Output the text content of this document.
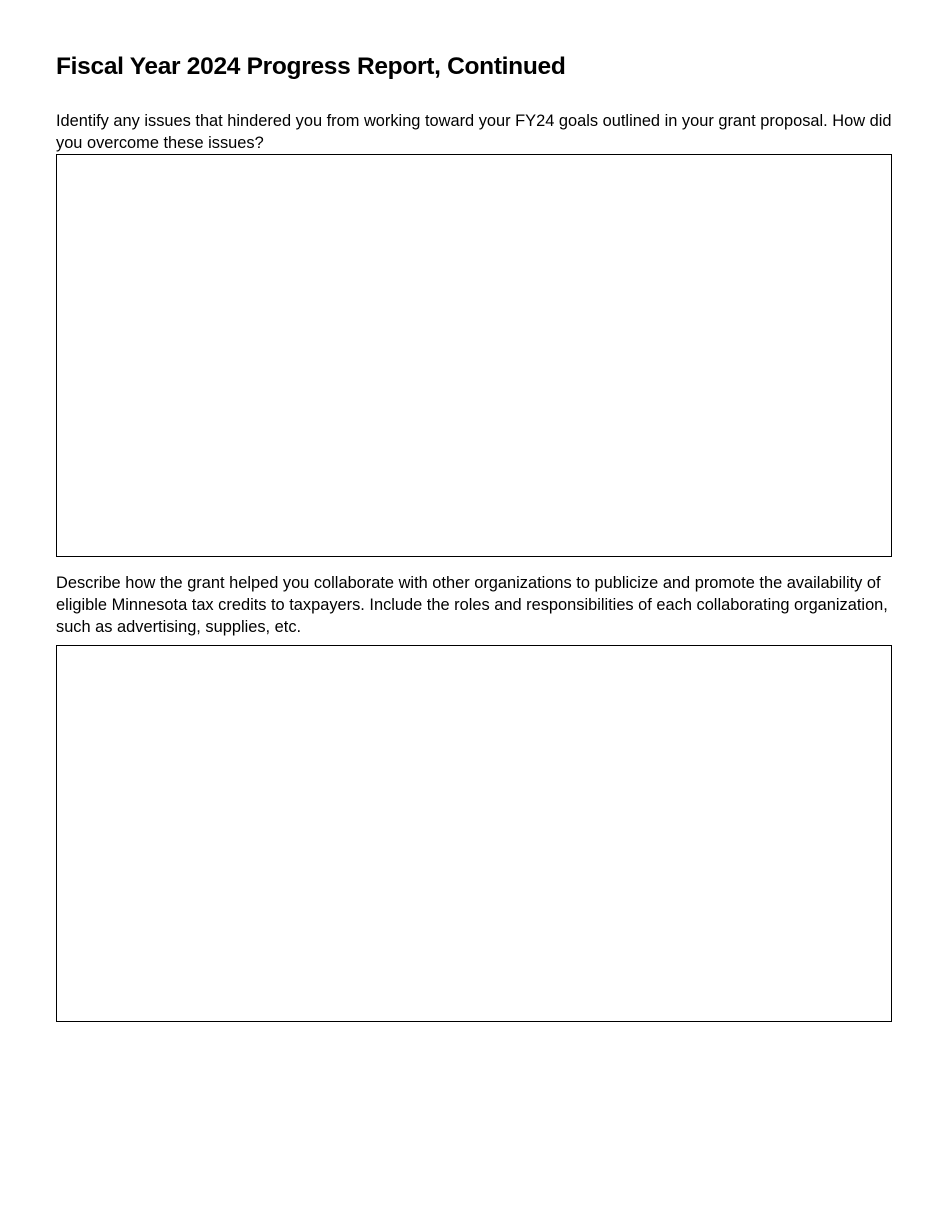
Fiscal Year 2024 Progress Report, Continued

Identify any issues that hindered you from working toward your FY24 goals outlined in your grant proposal. How did you overcome these issues?

Describe how the grant helped you collaborate with other organizations to publicize and promote the availability of eligible Minnesota tax credits to taxpayers. Include the roles and responsibilities of each collaborating organization, such as advertising, supplies, etc.
